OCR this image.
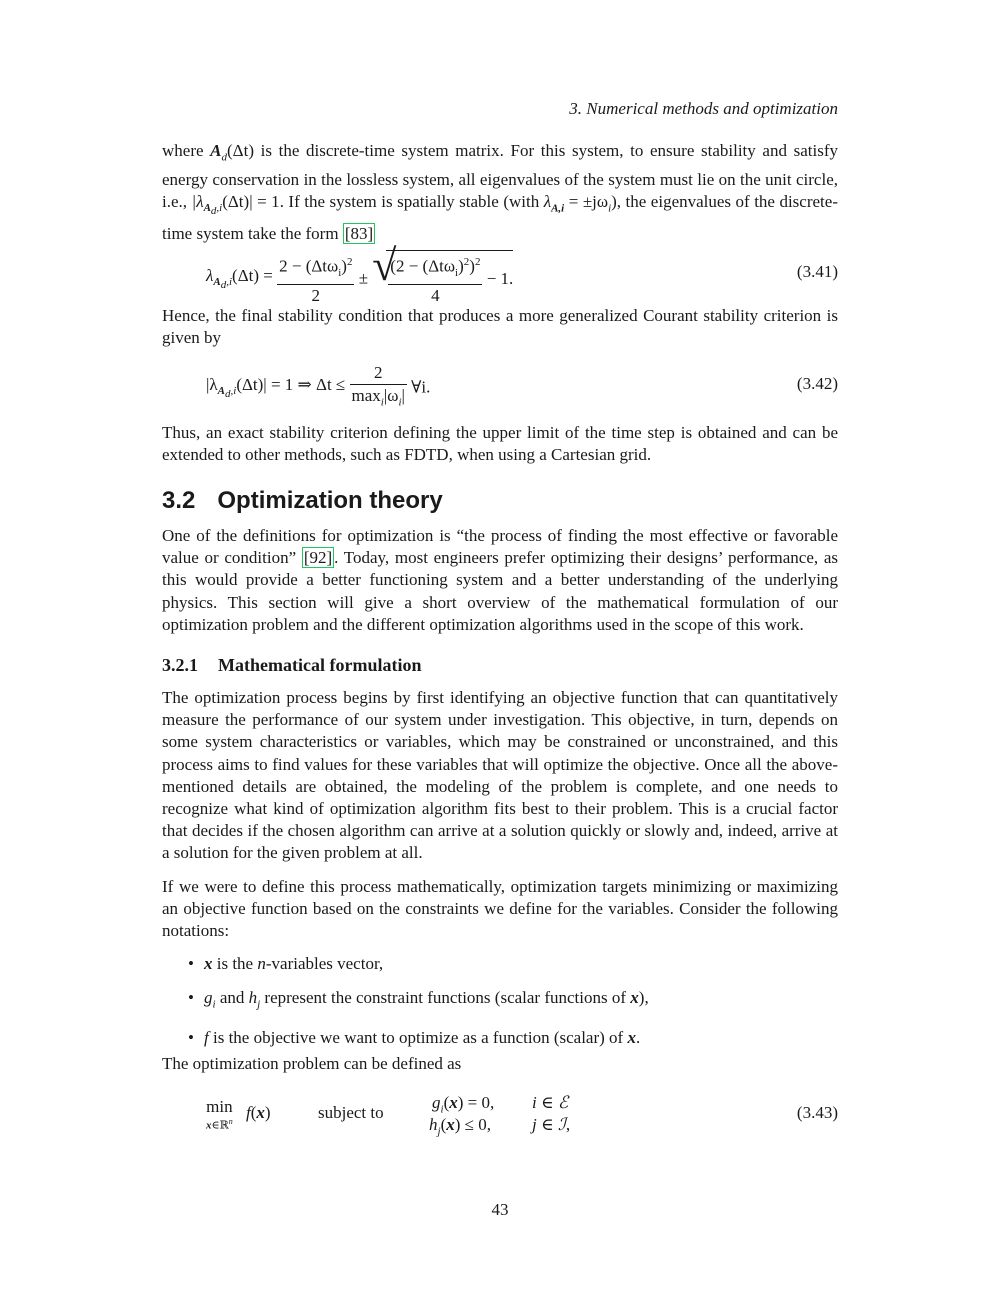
3. Numerical methods and optimization

where $A_d(\Delta t)$ is the discrete-time system matrix. For this system, to ensure stability and satisfy energy conservation in the lossless system, all eigenvalues of the system must lie on the unit circle, i.e., $|\lambda_{A_d,i}(\Delta t)| = 1$. If the system is spatially stable (with $\lambda_{A,i} = \pm j\omega_i$), the eigenvalues of the discrete-time system take the form [83]

$\lambda_{A_d,i}(\Delta t) = \frac{2 - (\Delta t\omega_i)^2}{2}$ ± √
$\frac{(2 - (\Delta t\omega_i)^2)^2}{4} - 1$.	(3.41)

Hence, the final stability condition that produces a more generalized Courant stability criterion is given by

$|\lambda_{A_d,i}(\Delta t)| = 1$ ⇒ $\Delta t \le \frac{2}{\max_i|\omega_i|}$ ∀i.	(3.42)

Thus, an exact stability criterion defining the upper limit of the time step is obtained and can be extended to other methods, such as FDTD, when using a Cartesian grid.

3.2 Optimization theory

One of the definitions for optimization is “the process of finding the most effective or favorable value or condition” [92] . Today, most engineers prefer optimizing their designs’ performance, as this would provide a better functioning system and a better understanding of the underlying physics. This section will give a short overview of the mathematical formulation of our optimization problem and the different optimization algorithms used in the scope of this work.

3.2.1 Mathematical formulation

The optimization process begins by first identifying an objective function that can quantitatively measure the performance of our system under investigation. This objective, in turn, depends on some system characteristics or variables, which may be constrained or unconstrained, and this process aims to find values for these variables that will optimize the objective. Once all the above-mentioned details are obtained, the modeling of the problem is complete, and one needs to recognize what kind of optimization algorithm fits best to their problem. This is a crucial factor that decides if the chosen algorithm can arrive at a solution quickly or slowly and, indeed, arrive at a solution for the given problem at all.

If we were to define this process mathematically, optimization targets minimizing or maximizing an objective function based on the constraints we define for the variables. Consider the following notations:

• x is the n-variables vector,
• $g_i$ and $h_j$ represent the constraint functions (scalar functions of x),
• f is the objective we want to optimize as a function (scalar) of x.

The optimization problem can be defined as

min
x∈ℝ$^n$ f(x)	subject to
$g_i(x) = 0$, i ∈ ℰ
$h_j(x) \le 0$, j ∈ ℐ,
(3.43)
43
